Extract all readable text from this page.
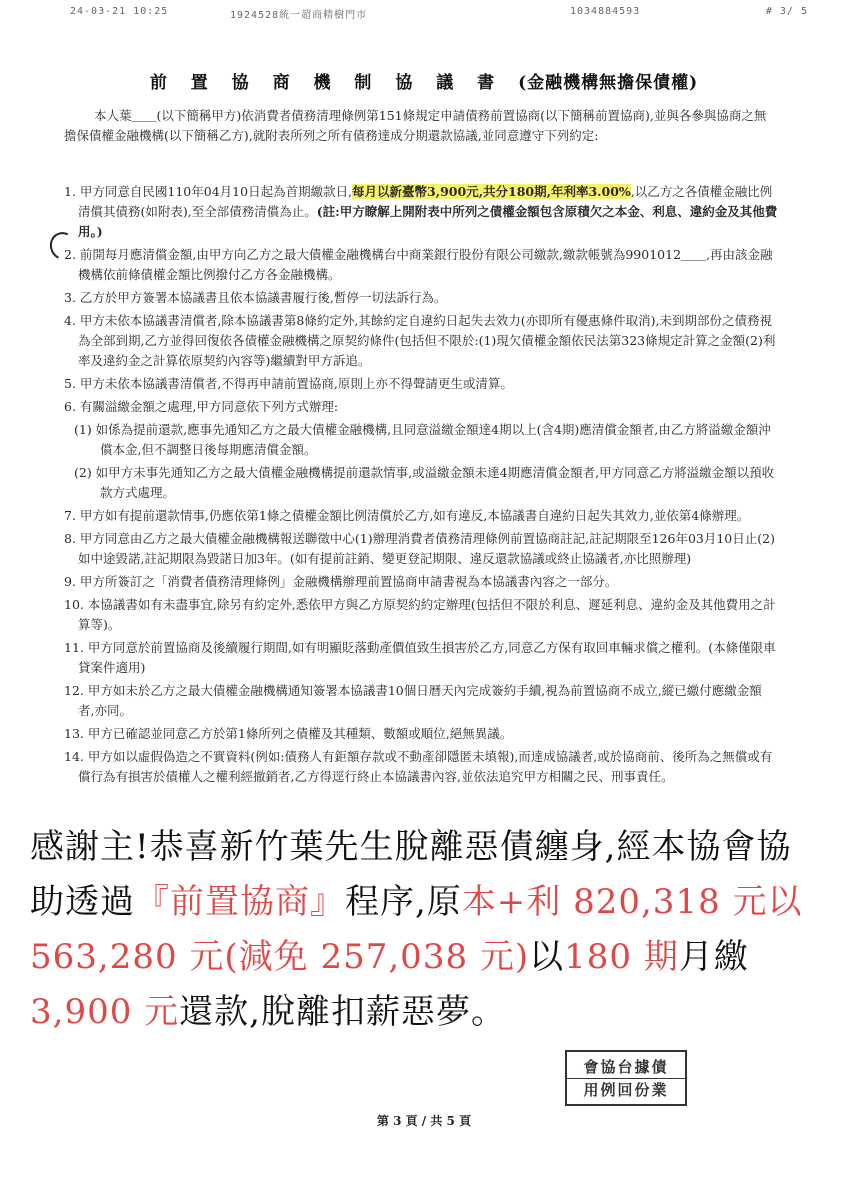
24-03-21 10:25	1924528統一超商精樹門市	1034884593	# 3/ 5
前 置 協 商 機 制 協 議 書 (金融機構無擔保債權)
本人葉＿＿(以下簡稱甲方)依消費者債務清理條例第151條規定申請債務前置協商(以下簡稱前置協商),並與各參與協商之無擔保債權金融機構(以下簡稱乙方),就附表所列之所有債務達成分期還款協議,並同意遵守下列約定:
1. 甲方同意自民國110年04月10日起為首期繳款日,每月以新臺幣3,900元,共分180期,年利率3.00%,以乙方之各債權金融比例清償其債務(如附表),至全部債務清償為止。(註:甲方瞭解上開附表中所列之債權金額包含原積欠之本金、利息、違約金及其他費用。)
2. 前開每月應清償金額,由甲方向乙方之最大債權金融機構台中商業銀行股份有限公司繳款,繳款帳號為9901012＿＿,再由該金融機構依前條債權金額比例撥付乙方各金融機構。
3. 乙方於甲方簽署本協議書且依本協議書履行後,暫停一切法訴行為。
4. 甲方未依本協議書清償者,除本協議書第8條約定外,其餘約定自違約日起失去效力(亦即所有優惠條件取消),未到期部份之債務視為全部到期,乙方並得回復依各債權金融機構之原契約條件(包括但不限於:(1)現欠債權金額依民法第323條規定計算之金額(2)利率及違約金之計算依原契約內容等)繼續對甲方訴追。
5. 甲方未依本協議書清償者,不得再申請前置協商,原則上亦不得聲請更生或清算。
6. 有關溢繳金額之處理,甲方同意依下列方式辦理:
(1) 如係為提前還款,應事先通知乙方之最大債權金融機構,且同意溢繳金額達4期以上(含4期)應清償金額者,由乙方將溢繳金額沖償本金,但不調整日後每期應清償金額。
(2) 如甲方未事先通知乙方之最大債權金融機構提前還款情事,或溢繳金額未達4期應清償金額者,甲方同意乙方將溢繳金額以預收款方式處理。
7. 甲方如有提前還款情事,仍應依第1條之債權金額比例清償於乙方,如有違反,本協議書自違約日起失其效力,並依第4條辦理。
8. 甲方同意由乙方之最大債權金融機構報送聯徵中心(1)辦理消費者債務清理條例前置協商註記,註記期限至126年03月10日止(2)如中途毀諾,註記期限為毀諾日加3年。(如有提前註銷、變更登記期限、違反還款協議或終止協議者,亦比照辦理)
9. 甲方所簽訂之「消費者債務清理條例」金融機構辦理前置協商申請書視為本協議書內容之一部分。
10. 本協議書如有未盡事宜,除另有約定外,悉依甲方與乙方原契約約定辦理(包括但不限於利息、遲延利息、違約金及其他費用之計算等)。
11. 甲方同意於前置協商及後續履行期間,如有明顯貶落動產價值致生損害於乙方,同意乙方保有取回車輛求償之權利。(本條僅限車貸案件適用)
12. 甲方如未於乙方之最大債權金融機構通知簽署本協議書10個日曆天內完成簽約手續,視為前置協商不成立,縱已繳付應繳金額者,亦同。
13. 甲方已確認並同意乙方於第1條所列之債權及其種類、數額或順位,絕無異議。
14. 甲方如以虛假偽造之不實資料(例如:債務人有鉅額存款或不動產卻隱匿未填報),而達成協議者,或於協商前、後所為之無償或有償行為有損害於債權人之權利經撤銷者,乙方得逕行終止本協議書內容,並依法追究甲方相關之民、刑事責任。
感謝主!恭喜新竹葉先生脫離惡債纏身,經本協會協助透過『前置協商』程序,原本+利 820,318 元以 563,280 元(減免 257,038 元)以180 期月繳3,900 元還款,脫離扣薪惡夢。
會協台據債
用例回份業
第 3 頁 / 共 5 頁
